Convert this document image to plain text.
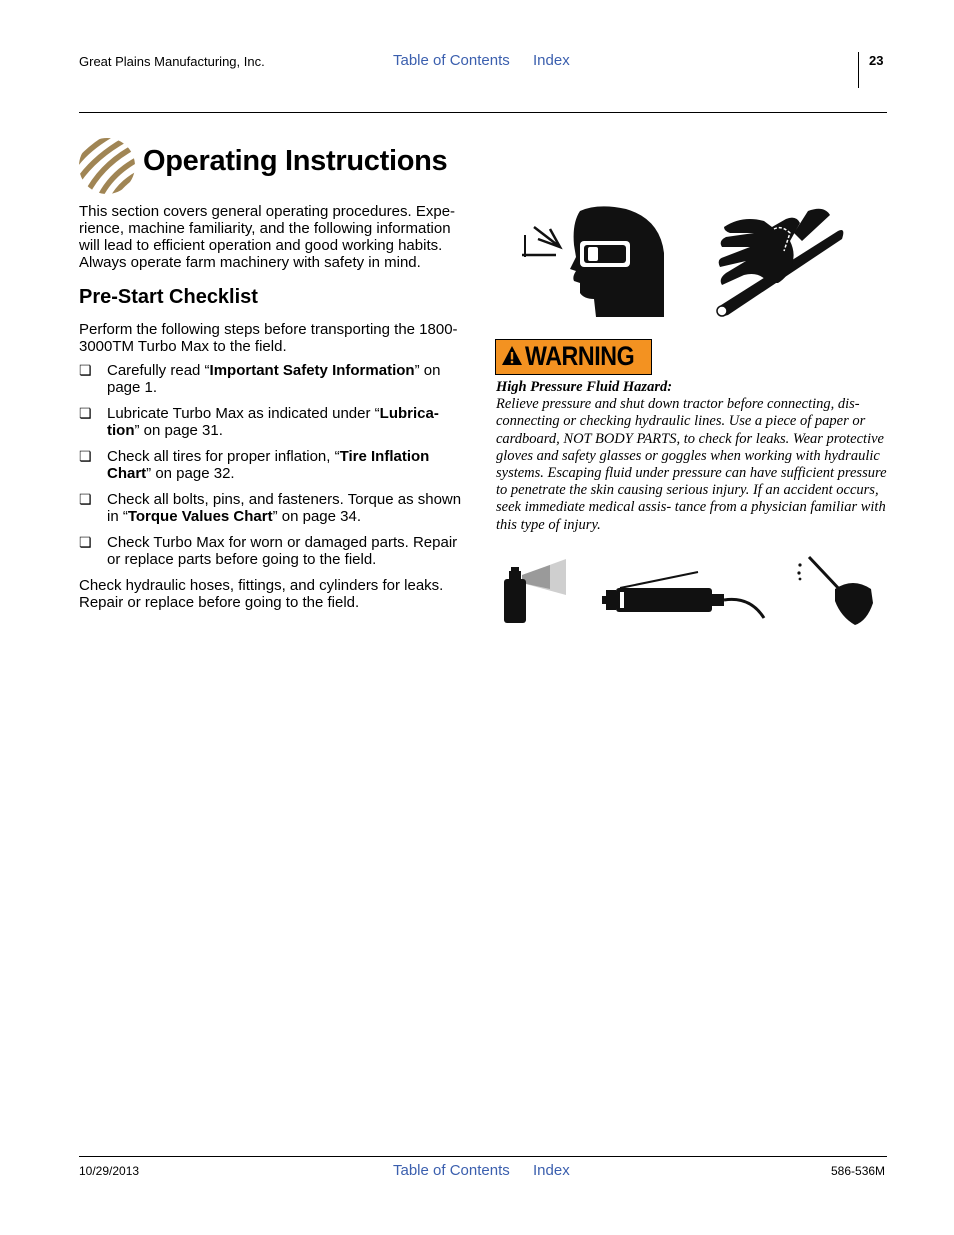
Great Plains Manufacturing, Inc.	Table of Contents Index	23
Operating Instructions
This section covers general operating procedures. Expe- rience, machine familiarity, and the following information will lead to efficient operation and good working habits. Always operate farm machinery with safety in mind.
Pre-Start Checklist
Perform the following steps before transporting the 1800-3000TM Turbo Max to the field.
❏ Carefully read “Important Safety Information” on page 1.
❏ Lubricate Turbo Max as indicated under “Lubrica- tion” on page 31.
❏ Check all tires for proper inflation, “Tire Inflation Chart” on page 32.
❏ Check all bolts, pins, and fasteners. Torque as shown in “Torque Values Chart” on page 34.
❏ Check Turbo Max for worn or damaged parts. Repair or replace parts before going to the field.
Check hydraulic hoses, fittings, and cylinders for leaks. Repair or replace before going to the field.
WARNING
High Pressure Fluid Hazard:
Relieve pressure and shut down tractor before connecting, dis- connecting or checking hydraulic lines. Use a piece of paper or cardboard, NOT BODY PARTS, to check for leaks. Wear protective gloves and safety glasses or goggles when working with hydraulic systems. Escaping fluid under pressure can have sufficient pressure to penetrate the skin causing serious injury. If an accident occurs, seek immediate medical assis- tance from a physician familiar with this type of injury.
10/29/2013	Table of Contents Index	586-536M
